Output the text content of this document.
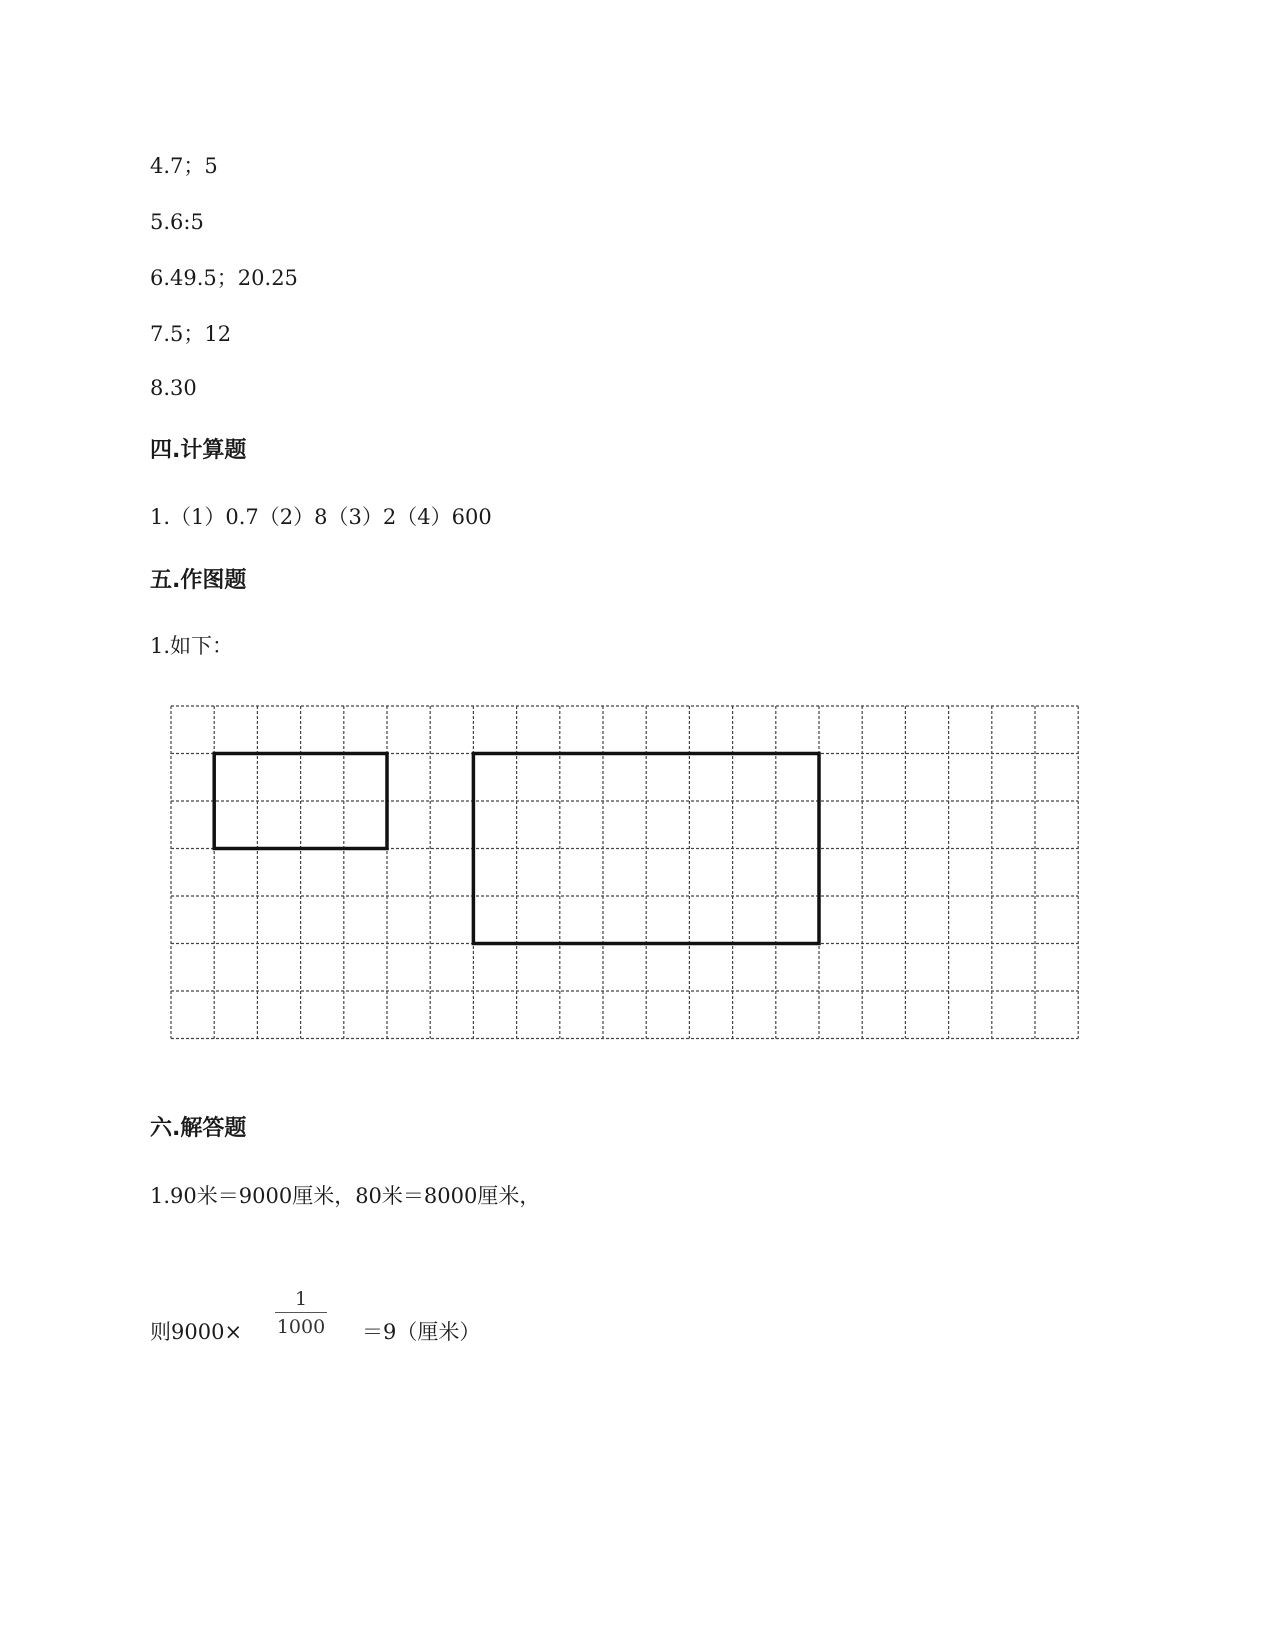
4.7；5
5.6:5
6.49.5；20.25
7.5；12
8.30
四.计算题
1.（1）0.7（2）8（3）2（4）600
五.作图题
1.如下：
六.解答题
1.90米＝9000厘米，80米＝8000厘米，
则9000×
1
1000 ＝9（厘米）
